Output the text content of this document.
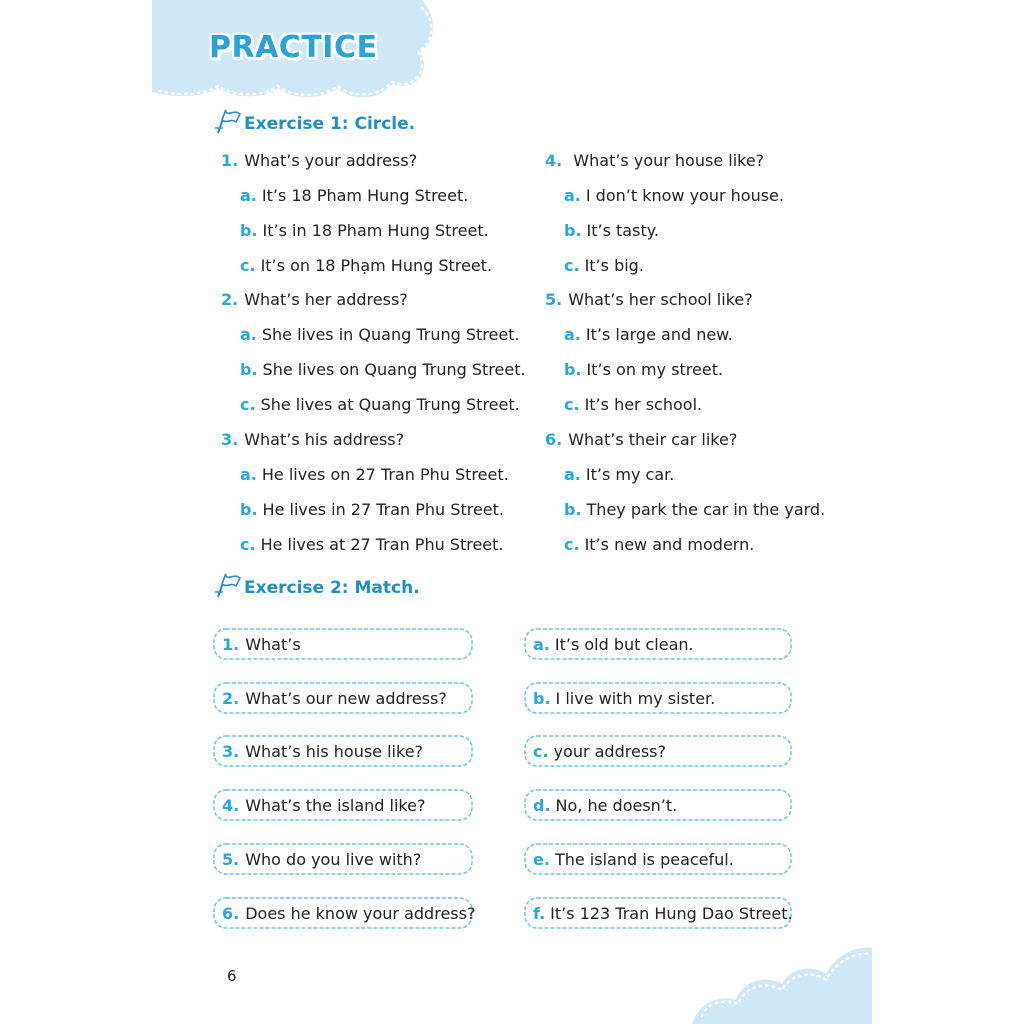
PRACTICE
Exercise 1: Circle.
1. What’s your address?
a. It’s 18 Pham Hung Street.
b. It’s in 18 Pham Hung Street.
c. It’s on 18 Phạm Hung Street.
2. What’s her address?
a. She lives in Quang Trung Street.
b. She lives on Quang Trung Street.
c. She lives at Quang Trung Street.
3. What’s his address?
a. He lives on 27 Tran Phu Street.
b. He lives in 27 Tran Phu Street.
c. He lives at 27 Tran Phu Street.
4. What’s your house like?
a. I don’t know your house.
b. It’s tasty.
c. It’s big.
5. What’s her school like?
a. It’s large and new.
b. It’s on my street.
c. It’s her school.
6. What’s their car like?
a. It’s my car.
b. They park the car in the yard.
c. It’s new and modern.
Exercise 2: Match.
1. What’s
2. What’s our new address?
3. What’s his house like?
4. What’s the island like?
5. Who do you live with?
6. Does he know your address?
a. It’s old but clean.
b. I live with my sister.
c. your address?
d. No, he doesn’t.
e. The island is peaceful.
f. It’s 123 Tran Hung Dao Street.
6
